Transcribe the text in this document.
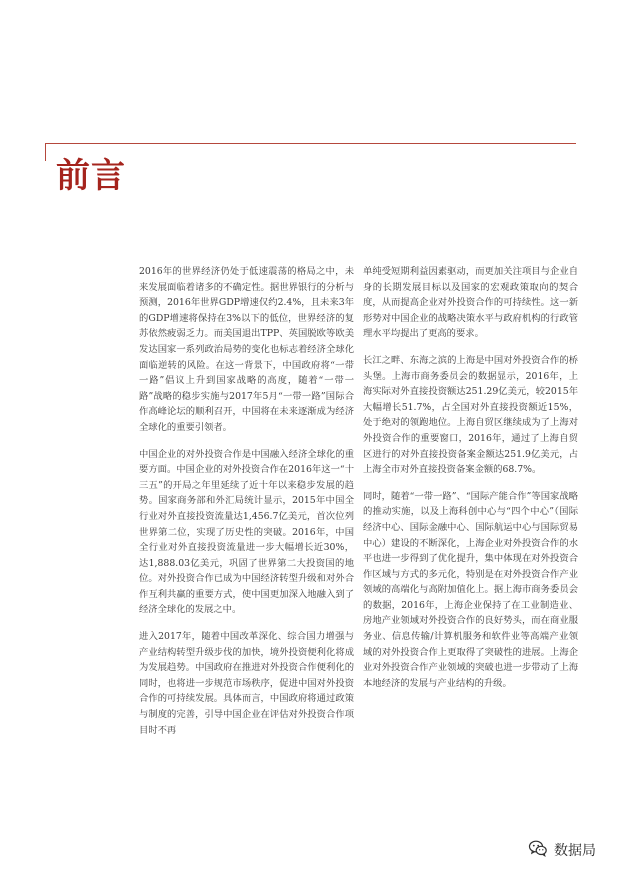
前言

2016年的世界经济仍处于低速震荡的格局之中，未来发展面临着诸多的不确定性。据世界银行的分析与预测，2016年世界GDP增速仅约2.4%，且未来3年的GDP增速将保持在3%以下的低位，世界经济的复苏依然疲弱乏力。而美国退出TPP、英国脱欧等欧美发达国家一系列政治局势的变化也标志着经济全球化面临逆转的风险。在这一背景下，中国政府将“一带一路”倡议上升到国家战略的高度，随着“一带一路”战略的稳步实施与2017年5月“一带一路”国际合作高峰论坛的顺利召开，中国将在未来逐渐成为经济全球化的重要引领者。

中国企业的对外投资合作是中国融入经济全球化的重要方面。中国企业的对外投资合作在2016年这一“十三五”的开局之年里延续了近十年以来稳步发展的趋势。国家商务部和外汇局统计显示，2015年中国全行业对外直接投资流量达1,456.7亿美元，首次位列世界第二位，实现了历史性的突破。2016年，中国全行业对外直接投资流量进一步大幅增长近30%，达1,888.03亿美元，巩固了世界第二大投资国的地位。对外投资合作已成为中国经济转型升级和对外合作互利共赢的重要方式，使中国更加深入地融入到了经济全球化的发展之中。

进入2017年，随着中国改革深化、综合国力增强与产业结构转型升级步伐的加快，境外投资便利化将成为发展趋势。中国政府在推进对外投资合作便利化的同时，也将进一步规范市场秩序，促进中国对外投资合作的可持续发展。具体而言，中国政府将通过政策与制度的完善，引导中国企业在评估对外投资合作项目时不再

单纯受短期利益因素驱动，而更加关注项目与企业自身的长期发展目标以及国家的宏观政策取向的契合度，从而提高企业对外投资合作的可持续性。这一新形势对中国企业的战略决策水平与政府机构的行政管理水平均提出了更高的要求。

长江之畔、东海之滨的上海是中国对外投资合作的桥头堡。上海市商务委员会的数据显示，2016年，上海实际对外直接投资额达251.29亿美元，较2015年大幅增长51.7%，占全国对外直接投资额近15%，处于绝对的领跑地位。上海自贸区继续成为了上海对外投资合作的重要窗口，2016年，通过了上海自贸区进行的对外直接投资备案金额达251.9亿美元，占上海全市对外直接投资备案金额的68.7%。

同时，随着“一带一路”、“国际产能合作”等国家战略的推动实施，以及上海科创中心与“四个中心”（国际经济中心、国际金融中心、国际航运中心与国际贸易中心）建设的不断深化，上海企业对外投资合作的水平也进一步得到了优化提升，集中体现在对外投资合作区域与方式的多元化，特别是在对外投资合作产业领域的高端化与高附加值化上。据上海市商务委员会的数据，2016年，上海企业保持了在工业制造业、房地产业领域对外投资合作的良好势头，而在商业服务业、信息传输/计算机服务和软件业等高端产业领域的对外投资合作上更取得了突破性的进展。上海企业对外投资合作产业领域的突破也进一步带动了上海本地经济的发展与产业结构的升级。

数据局
